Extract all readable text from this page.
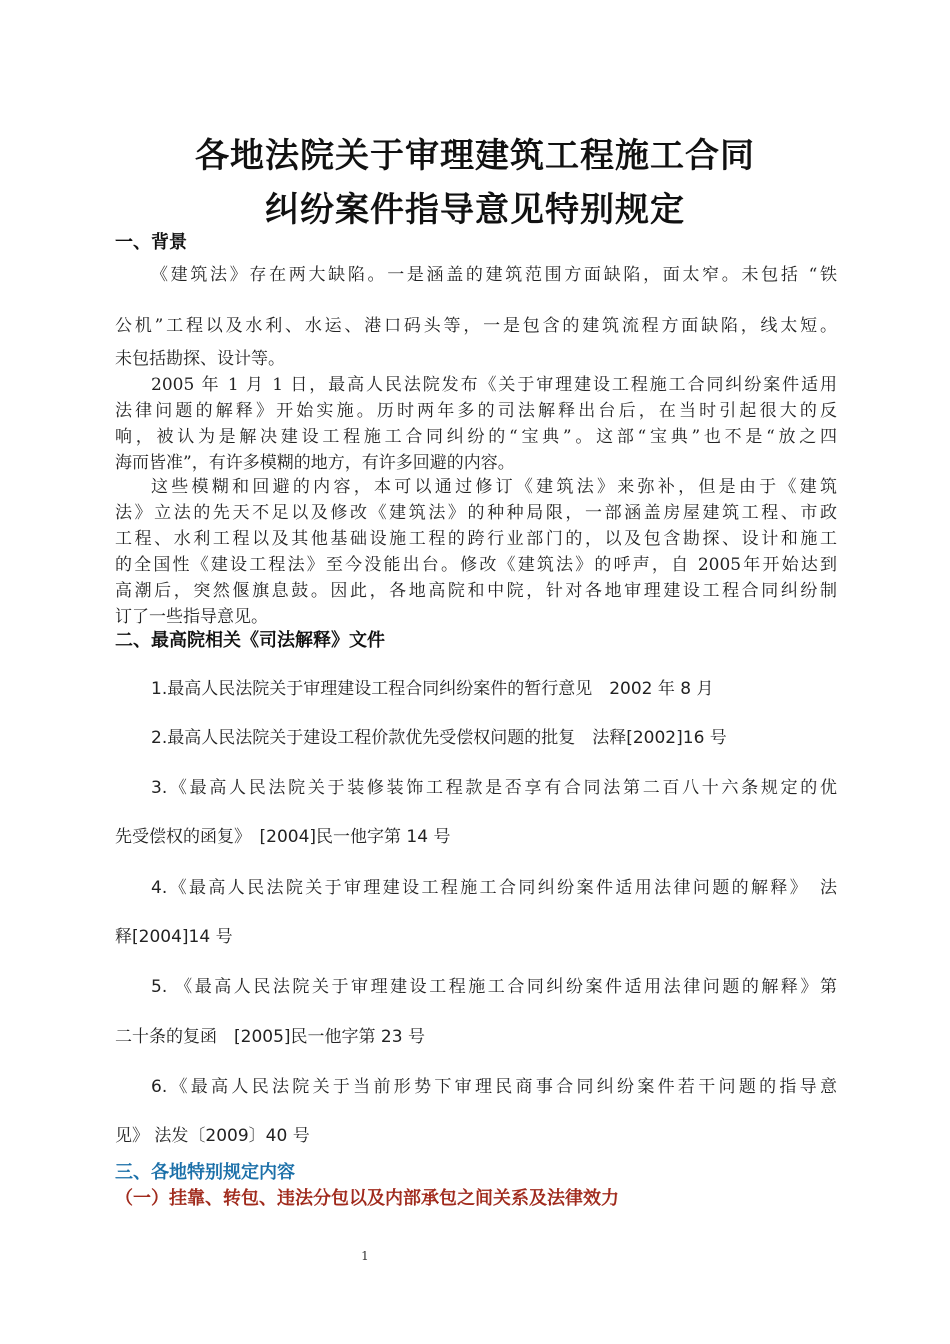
各地法院关于审理建筑工程施工合同
纠纷案件指导意见特别规定
一、背景
《建筑法》存在两大缺陷。一是涵盖的建筑范围方面缺陷，面太窄。未包括 “铁
公机”工程以及水利、水运、港口码头等，一是包含的建筑流程方面缺陷，线太短。
未包括勘探、设计等。
2005 年 1 月 1 日，最高人民法院发布《关于审理建设工程施工合同纠纷案件适用
法律问题的解释》开始实施。历时两年多的司法解释出台后，在当时引起很大的反
响，被认为是解决建设工程施工合同纠纷的“宝典”。这部“宝典”也不是“放之四
海而皆准”，有许多模糊的地方，有许多回避的内容。
这些模糊和回避的内容，本可以通过修订《建筑法》来弥补，但是由于《建筑
法》立法的先天不足以及修改《建筑法》的种种局限，一部涵盖房屋建筑工程、市政
工程、水利工程以及其他基础设施工程的跨行业部门的，以及包含勘探、设计和施工
的全国性《建设工程法》至今没能出台。修改《建筑法》的呼声，自 2005年开始达到
高潮后，突然偃旗息鼓。因此，各地高院和中院，针对各地审理建设工程合同纠纷制
订了一些指导意见。
二、最高院相关《司法解释》文件
1.最高人民法院关于审理建设工程合同纠纷案件的暂行意见　2002 年 8 月
2.最高人民法院关于建设工程价款优先受偿权问题的批复　法释[2002]16 号
3.《最高人民法院关于装修装饰工程款是否享有合同法第二百八十六条规定的优
先受偿权的函复》　[2004]民一他字第 14 号
4.《最高人民法院关于审理建设工程施工合同纠纷案件适用法律问题的解释》　法
释[2004]14 号
5. 《最高人民法院关于审理建设工程施工合同纠纷案件适用法律问题的解释》第
二十条的复函　[2005]民一他字第 23 号
6.《最高人民法院关于当前形势下审理民商事合同纠纷案件若干问题的指导意
见》 法发〔2009〕40 号
三、各地特别规定内容
（一）挂靠、转包、违法分包以及内部承包之间关系及法律效力
1
